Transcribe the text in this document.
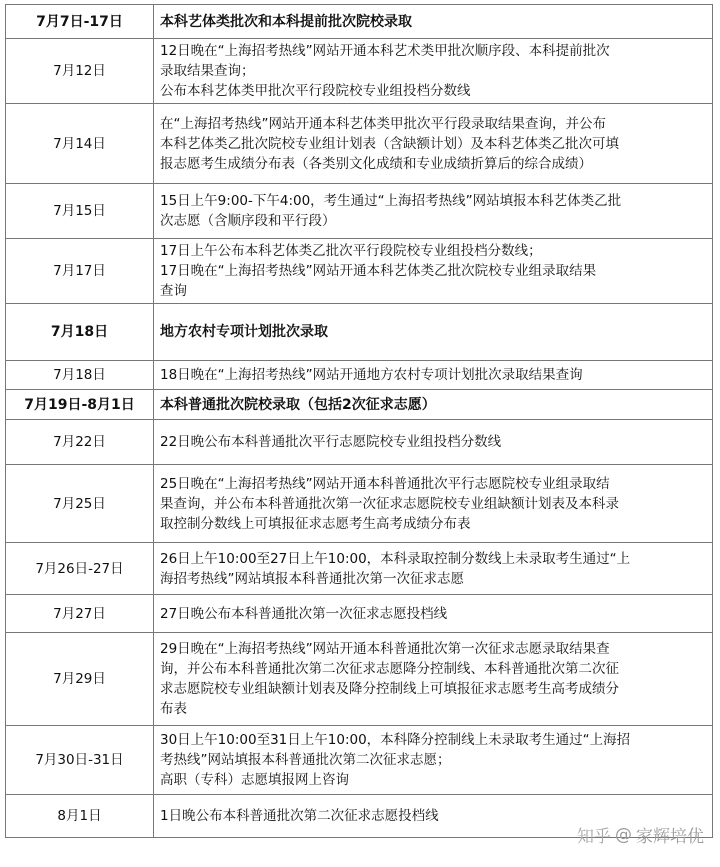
7月7日-17日	本科艺体类批次和本科提前批次院校录取

7月12日	12日晚在“上海招考热线”网站开通本科艺术类甲批次顺序段、本科提前批次
录取结果查询；
公布本科艺体类甲批次平行段院校专业组投档分数线

7月14日	在“上海招考热线”网站开通本科艺体类甲批次平行段录取结果查询，并公布
本科艺体类乙批次院校专业组计划表（含缺额计划）及本科艺体类乙批次可填
报志愿考生成绩分布表（各类别文化成绩和专业成绩折算后的综合成绩）

7月15日	15日上午9:00-下午4:00，考生通过“上海招考热线”网站填报本科艺体类乙批
次志愿（含顺序段和平行段）

7月17日	17日上午公布本科艺体类乙批次平行段院校专业组投档分数线；
17日晚在“上海招考热线”网站开通本科艺体类乙批次院校专业组录取结果
查询

7月18日	地方农村专项计划批次录取

7月18日	18日晚在“上海招考热线”网站开通地方农村专项计划批次录取结果查询

7月19日-8月1日	本科普通批次院校录取（包括2次征求志愿）

7月22日	22日晚公布本科普通批次平行志愿院校专业组投档分数线

7月25日	25日晚在“上海招考热线”网站开通本科普通批次平行志愿院校专业组录取结
果查询，并公布本科普通批次第一次征求志愿院校专业组缺额计划表及本科录
取控制分数线上可填报征求志愿考生高考成绩分布表

7月26日-27日	26日上午10:00至27日上午10:00，本科录取控制分数线上未录取考生通过“上
海招考热线”网站填报本科普通批次第一次征求志愿

7月27日	27日晚公布本科普通批次第一次征求志愿投档线

7月29日	29日晚在“上海招考热线”网站开通本科普通批次第一次征求志愿录取结果查
询，并公布本科普通批次第二次征求志愿降分控制线、本科普通批次第二次征
求志愿院校专业组缺额计划表及降分控制线上可填报征求志愿考生高考成绩分
布表

7月30日-31日	30日上午10:00至31日上午10:00，本科降分控制线上未录取考生通过“上海招
考热线”网站填报本科普通批次第二次征求志愿；
高职（专科）志愿填报网上咨询

8月1日	1日晚公布本科普通批次第二次征求志愿投档线
知乎 @ 家辉培优
